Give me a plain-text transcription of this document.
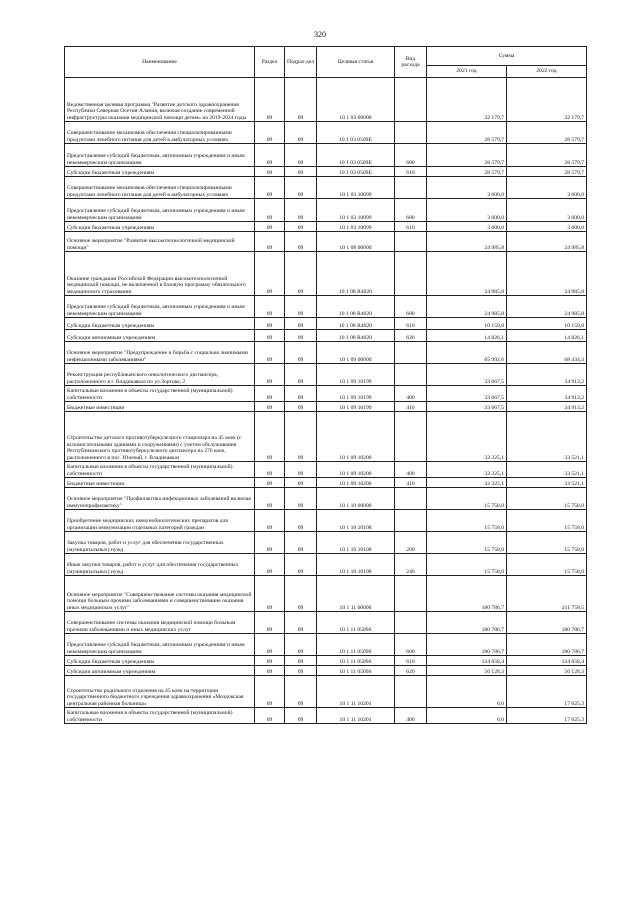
320
Наименование	Раздел	Подраз-дел	Целевая статья	Вид расхода	Сумма	
					2021 год	2022 год
Ведомственная целевая программа "Развитие детского здравоохранения Республики Северная Осетия-Алания, включая создание современной инфраструктуры оказания медицинской помощи детям» на 2019-2024 годы	09	09	10 1 03 00000		32 179,7	32 179,7
Совершенствование механизмов обеспечения специализированными продуктами лечебного питания для детей в амбулаторных условиях	09	09	10 1 03 0509Е		28 579,7	28 579,7
Предоставление субсидий бюджетным, автономным учреждениям и иным некоммерческим организациям	09	09	10 1 03 0509Е	600	28 579,7	28 579,7
Субсидии бюджетным учреждениям	09	09	10 1 03 0509Е	610	28 579,7	28 579,7
Совершенствование механизмов обеспечения специализированными продуктами лечебного питания для детей в амбулаторных условиях	09	09	10 1 03 10099		3 600,0	3 600,0
Предоставление субсидий бюджетным, автономным учреждениям и иным некоммерческим организациям	09	09	10 1 03 10099	600	3 600,0	3 600,0
Субсидии бюджетным учреждениям	09	09	10 1 03 10099	610	3 600,0	3 600,0
Основное мероприятие "Развитие высокотехнологичной медицинской помощи"	09	09	10 1 08 00000		24 985,8	24 985,8
Оказание гражданам Российской Федерации высокотехнологичной медицинской помощи, не включенной в базовую программу обязательного медицинского страхования	09	09	10 1 08 R4020		24 985,8	24 985,8
Предоставление субсидий бюджетным, автономным учреждениям и иным некоммерческим организациям	09	09	10 1 08 R4020	600	24 985,8	24 985,8
Субсидии бюджетным учреждениям	09	09	10 1 08 R4020	610	10 159,8	10 159,8
Субсидии автономным учреждениям	09	09	10 1 08 R4020	620	14 826,1	14 826,1
Основное мероприятие "Предупреждение и борьба с социально значимыми инфекционными заболеваниями"	09	09	10 1 09 00000		65 992,6	68 434,3
Реконструкция республиканского онкологического диспансера, расположенного в г. Владикавказ по ул.Зортова, 2	09	09	10 1 09 10199		33 667,5	34 913,2
Капитальные вложения в объекты государственной (муниципальной) собственности	09	09	10 1 09 10199	400	33 667,5	34 913,2
Бюджетные инвестиции	09	09	10 1 09 10199	410	33 667,5	34 913,2
Строительство детского противотуберкулезного стационара на 45 коек (с вспомогательными зданиями и сооружениями) с учетом обслуживания Республиканского противотуберкулезного диспансера на 276 коек, расположенного в пос. Южный, г. Владикавказ	09	09	10 1 09 10200		32 325,1	33 521,1
Капитальные вложения в объекты государственной (муниципальной) собственности	09	09	10 1 09 10200	400	32 325,1	33 521,1
Бюджетные инвестиции	09	09	10 1 09 10200	410	32 325,1	33 521,1
Основное мероприятие "Профилактика инфекционных заболеваний включая иммунопрофилактику"	09	09	10 1 10 00000		15 758,0	15 758,0
Приобретение медицинских иммунобиологических препаратов для организации иммунизации отдельных категорий граждан	09	09	10 1 10 10108		15 758,0	15 758,0
Закупка товаров, работ и услуг для обеспечения государственных (муниципальных) нужд	09	09	10 1 10 10108	200	15 758,0	15 758,0
Иные закупки товаров, работ и услуг для обеспечения государственных (муниципальных) нужд	09	09	10 1 10 10108	240	15 758,0	15 758,0
Основное мероприятие "Совершенствование системы оказания медицинской помощи больным прочими заболеваниями и совершенствование оказания иных медицинских услуг"	09	09	10 1 11 00000		180 786,7	211 758,5
Совершенствование системы оказания медицинской помощи больным прочими заболеваниями и иных медицинских услуг	09	09	10 1 11 0509S		180 786,7	180 786,7
Предоставление субсидий бюджетным, автономным учреждениям и иным некоммерческим организациям	09	09	10 1 11 0509S	600	180 786,7	180 786,7
Субсидии бюджетным учреждениям	09	09	10 1 11 0509S	610	124 658,4	124 658,4
Субсидии автономным учреждениям	09	09	10 1 11 0509S	620	56 128,3	56 128,3
Строительство родильного отделения на 45 коек на территории государственного бюджетного учреждения здравоохранения «Моздокская центральная районная больница»	09	09	10 1 11 10201		0,0	17 625,3
Капитальные вложения в объекты государственной (муниципальной) собственности	09	09	10 1 11 10201	400	0,0	17 625,3
